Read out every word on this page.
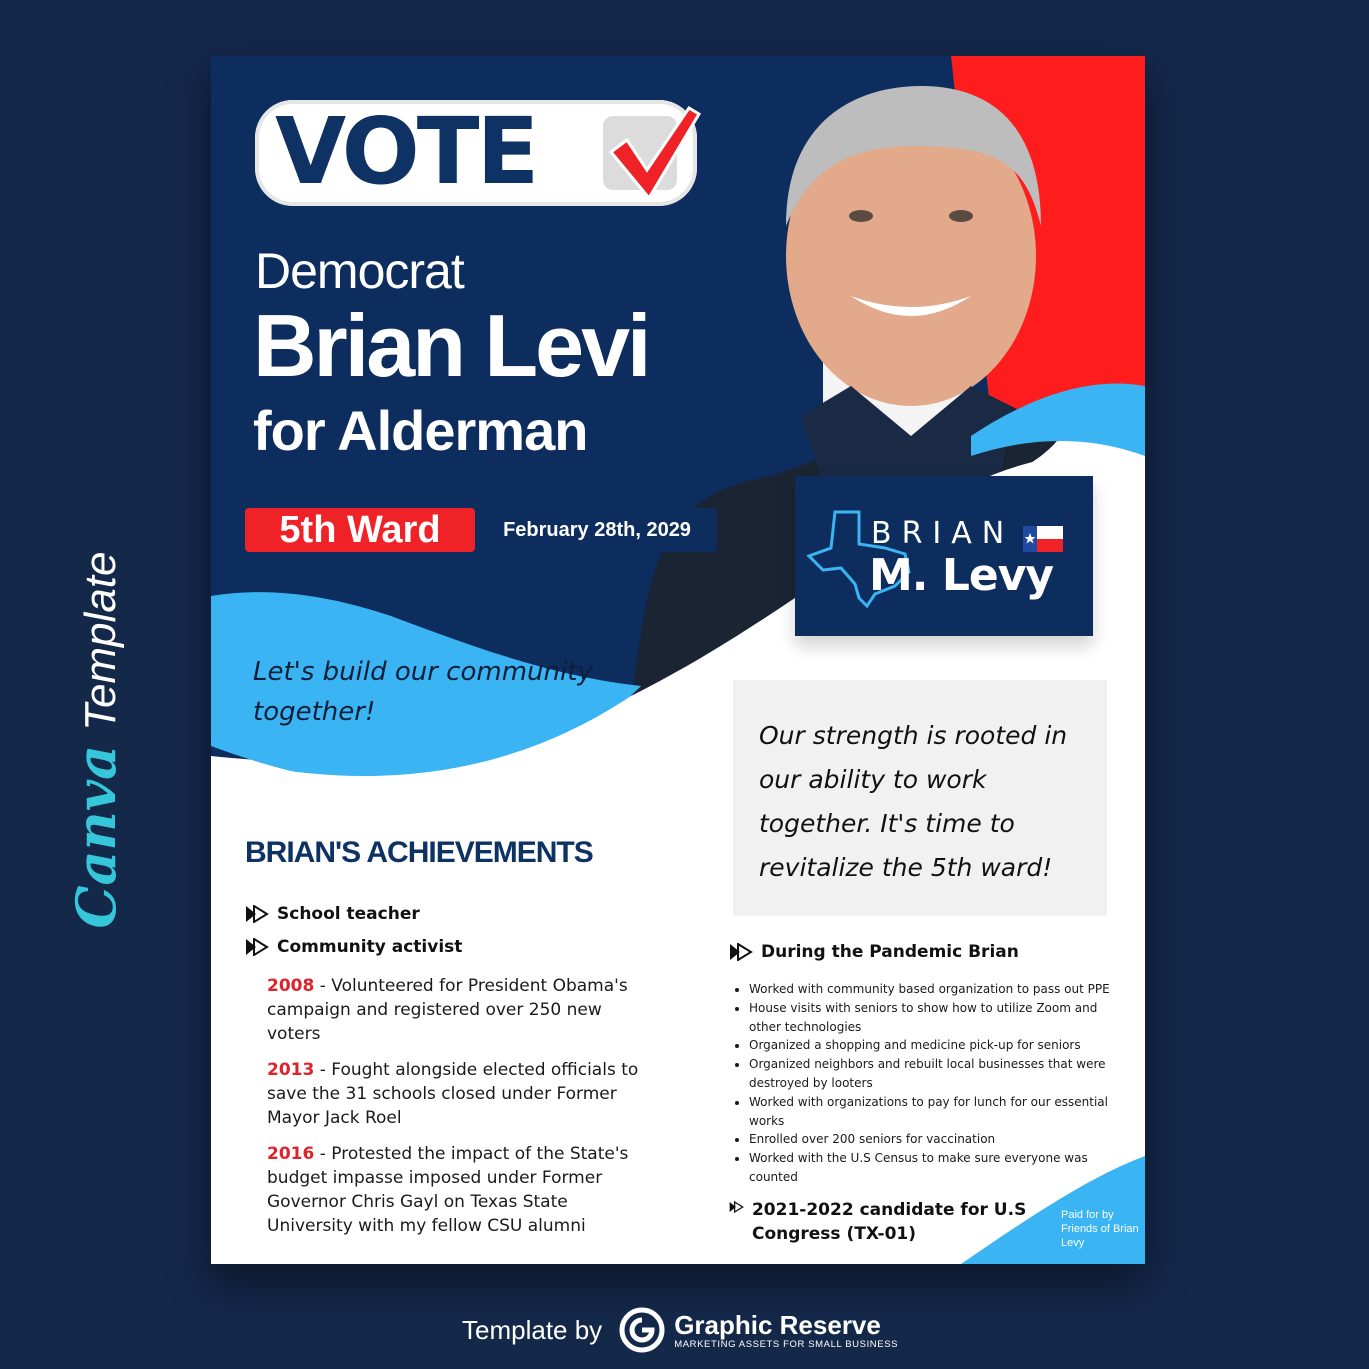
Canva
Template
VOTE
Democrat
Brian Levi
for Alderman
5th Ward	February 28th, 2029
Let's build our community together!
BRIAN
M. Levy
Our strength is rooted in our ability to work together. It's time to revitalize the 5th ward!
BRIAN'S ACHIEVEMENTS
School teacher
Community activist
2008 - Volunteered for President Obama's campaign and registered over 250 new voters
2013 - Fought alongside elected officials to save the 31 schools closed under Former Mayor Jack Roel
2016 - Protested the impact of the State's budget impasse imposed under Former Governor Chris Gayl on Texas State University with my fellow CSU alumni
During the Pandemic Brian
• Worked with community based organization to pass out PPE
• House visits with seniors to show how to utilize Zoom and other technologies
• Organized a shopping and medicine pick-up for seniors
• Organized neighbors and rebuilt local businesses that were destroyed by looters
• Worked with organizations to pay for lunch for our essential works
• Enrolled over 200 seniors for vaccination
• Worked with the U.S Census to make sure everyone was counted
2021-2022 candidate for U.S Congress (TX-01)
Paid for by Friends of Brian Levy
Template by	Graphic Reserve
MARKETING ASSETS FOR SMALL BUSINESS
